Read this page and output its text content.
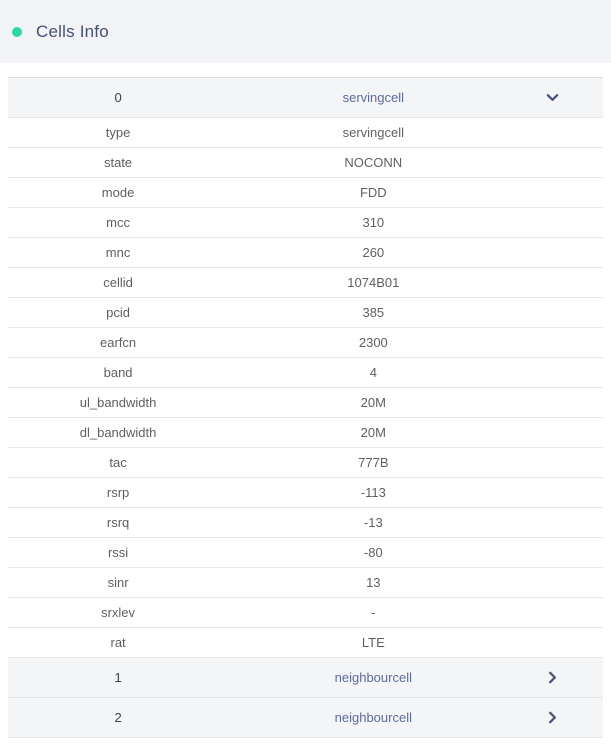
Cells Info
0	servingcell
type	servingcell
state	NOCONN
mode	FDD
mcc	310
mnc	260
cellid	1074B01
pcid	385
earfcn	2300
band	4
ul_bandwidth	20M
dl_bandwidth	20M
tac	777B
rsrp	-113
rsrq	-13
rssi	-80
sinr	13
srxlev	-
rat	LTE
1	neighbourcell
2	neighbourcell
